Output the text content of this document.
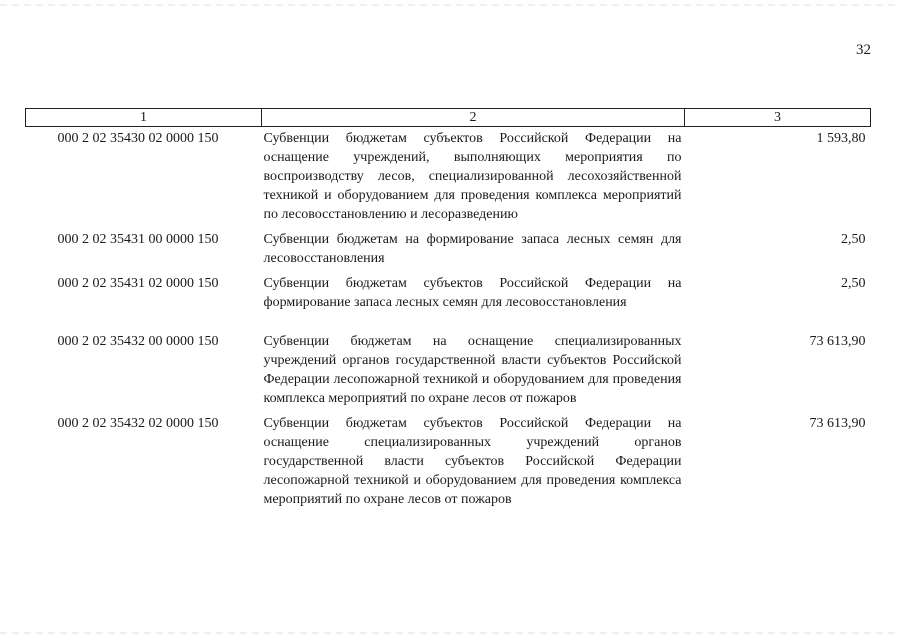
32
1	2	3
000 2 02 35430 02 0000 150	Субвенции бюджетам субъектов Российской Федерации на оснащение учреждений, выполняющих мероприятия по воспроизводству лесов, специализированной лесохозяйственной техникой и оборудованием для проведения комплекса мероприятий по лесовосстановлению и лесоразведению	1 593,80
000 2 02 35431 00 0000 150	Субвенции бюджетам на формирование запаса лесных семян для лесовосстановления	2,50
000 2 02 35431 02 0000 150	Субвенции бюджетам субъектов Российской Федерации на формирование запаса лесных семян для лесовосстановления	2,50
000 2 02 35432 00 0000 150	Субвенции бюджетам на оснащение специализированных учреждений органов государственной власти субъектов Российской Федерации лесопожарной техникой и оборудованием для проведения комплекса мероприятий по охране лесов от пожаров	73 613,90
000 2 02 35432 02 0000 150	Субвенции бюджетам субъектов Российской Федерации на оснащение специализированных учреждений органов государственной власти субъектов Российской Федерации лесопожарной техникой и оборудованием для проведения комплекса мероприятий по охране лесов от пожаров	73 613,90
